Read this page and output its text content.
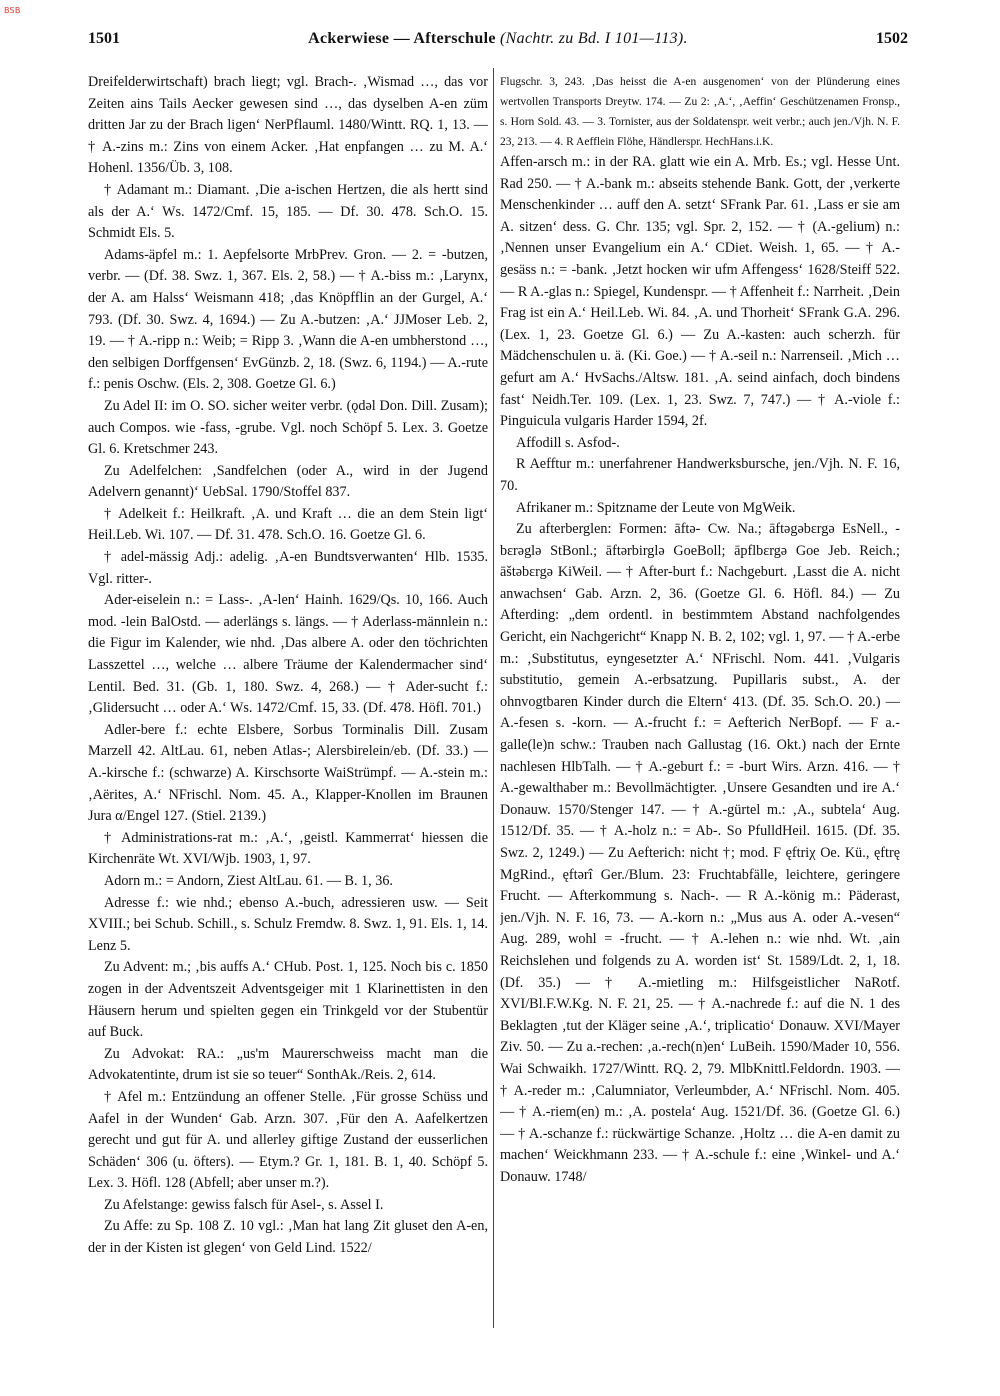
BSB
1501	Ackerwiese — Afterschule (Nachtr. zu Bd. I 101—113).	1502

Dreifelderwirtschaft) brach liegt; vgl. Brach-. ‚Wismad …, das vor Zeiten ains Tails Aecker gewesen sind …, das dyselben A-en züm dritten Jar zu der Brach ligen‘ NerPflauml. 1480/Wintt. RQ. 1, 13. — † A.-zins m.: Zins von einem Acker. ‚Hat enpfangen … zu M. A.‘ Hohenl. 1356/Üb. 3, 108.

† Adamant m.: Diamant. ‚Die a-ischen Hertzen, die als hertt sind als der A.‘ Ws. 1472/Cmf. 15, 185. — Df. 30. 478. Sch.O. 15. Schmidt Els. 5.

Adams-äpfel m.: 1. Aepfelsorte MrbPrev. Gron. — 2. = -butzen, verbr. — (Df. 38. Swz. 1, 367. Els. 2, 58.) — † A.-biss m.: ‚Larynx, der A. am Halss‘ Weismann 418; ‚das Knöpfflin an der Gurgel, A.‘ 793. (Df. 30. Swz. 4, 1694.) — Zu A.-butzen: ‚A.‘ JJMoser Leb. 2, 19. — † A.-ripp n.: Weib; = Ripp 3. ‚Wann die A-en umbherstond …, den selbigen Dorffgensen‘ EvGünzb. 2, 18. (Swz. 6, 1194.) — A.-rute f.: penis Oschw. (Els. 2, 308. Goetze Gl. 6.)

Zu Adel II: im O. SO. sicher weiter verbr. (ǫdəl Don. Dill. Zusam); auch Compos. wie -fass, -grube. Vgl. noch Schöpf 5. Lex. 3. Goetze Gl. 6. Kretschmer 243.

Zu Adelfelchen: ‚Sandfelchen (oder A., wird in der Jugend Adelvern genannt)‘ UebSal. 1790/Stoffel 837.

† Adelkeit f.: Heilkraft. ‚A. und Kraft … die an dem Stein ligt‘ Heil.Leb. Wi. 107. — Df. 31. 478. Sch.O. 16. Goetze Gl. 6.

† adel-mässig Adj.: adelig. ‚A-en Bundtsverwanten‘ Hlb. 1535. Vgl. ritter-.

Ader-eiselein n.: = Lass-. ‚A-len‘ Hainh. 1629/Qs. 10, 166. Auch mod. -lein BalOstd. — aderlängs s. längs. — † Aderlass-männlein n.: die Figur im Kalender, wie nhd. ‚Das albere A. oder den töchrichten Lasszettel …, welche … albere Träume der Kalendermacher sind‘ Lentil. Bed. 31. (Gb. 1, 180. Swz. 4, 268.) — † Ader-sucht f.: ‚Glidersucht … oder A.‘ Ws. 1472/Cmf. 15, 33. (Df. 478. Höfl. 701.)

Adler-bere f.: echte Elsbere, Sorbus Torminalis Dill. Zusam Marzell 42. AltLau. 61, neben Atlas-; Alersbirelein/eb. (Df. 33.) — A.-kirsche f.: (schwarze) A. Kirschsorte WaiStrümpf. — A.-stein m.: ‚Aërites, A.‘ NFrischl. Nom. 45. A., Klapper-Knollen im Braunen Jura α/Engel 127. (Stiel. 2139.)

† Administrations-rat m.: ‚A.‘, ‚geistl. Kammerrat‘ hiessen die Kirchenräte Wt. XVI/Wjb. 1903, 1, 97.

Adorn m.: = Andorn, Ziest AltLau. 61. — B. 1, 36.

Adresse f.: wie nhd.; ebenso A.-buch, adressieren usw. — Seit XVIII.; bei Schub. Schill., s. Schulz Fremdw. 8. Swz. 1, 91. Els. 1, 14. Lenz 5.

Zu Advent: m.; ‚bis auffs A.‘ CHub. Post. 1, 125. Noch bis c. 1850 zogen in der Adventszeit Adventsgeiger mit 1 Klarinettisten in den Häusern herum und spielten gegen ein Trinkgeld vor der Stubentür auf Buck.

Zu Advokat: RA.: „us'm Maurerschweiss macht man die Advokatentinte, drum ist sie so teuer“ SonthAk./Reis. 2, 614.

† Afel m.: Entzündung an offener Stelle. ‚Für grosse Schüss und Aafel in der Wunden‘ Gab. Arzn. 307. ‚Für den A. Aafelkertzen gerecht und gut für A. und allerley giftige Zustand der eusserlichen Schäden‘ 306 (u. öfters). — Etym.? Gr. 1, 181. B. 1, 40. Schöpf 5. Lex. 3. Höfl. 128 (Abfell; aber unser m.?).

Zu Afelstange: gewiss falsch für Asel-, s. Assel I.

Zu Affe: zu Sp. 108 Z. 10 vgl.: ‚Man hat lang Zit gluset den A-en, der in der Kisten ist glegen‘ von Geld Lind. 1522/

Flugschr. 3, 243. ‚Das heisst die A-en ausgenomen‘ von der Plünderung eines wertvollen Transports Dreytw. 174. — Zu 2: ‚A.‘, ‚Aeffin‘ Geschützenamen Fronsp., s. Horn Sold. 43. — 3. Tornister, aus der Soldatenspr. weit verbr.; auch jen./Vjh. N. F. 23, 213. — 4. R Aefflein Flöhe, Händlerspr. HechHans.i.K.

Affen-arsch m.: in der RA. glatt wie ein A. Mrb. Es.; vgl. Hesse Unt. Rad 250. — † A.-bank m.: abseits stehende Bank. Gott, der ‚verkerte Menschenkinder … auff den A. setzt‘ SFrank Par. 61. ‚Lass er sie am A. sitzen‘ dess. G. Chr. 135; vgl. Spr. 2, 152. — † (A.-gelium) n.: ‚Nennen unser Evangelium ein A.‘ CDiet. Weish. 1, 65. — † A.-gesäss n.: = -bank. ‚Jetzt hocken wir ufm Affengess‘ 1628/Steiff 522. — R A.-glas n.: Spiegel, Kundenspr. — † Affenheit f.: Narrheit. ‚Dein Frag ist ein A.‘ Heil.Leb. Wi. 84. ‚A. und Thorheit‘ SFrank G.A. 296. (Lex. 1, 23. Goetze Gl. 6.) — Zu A.-kasten: auch scherzh. für Mädchenschulen u. ä. (Ki. Goe.) — † A.-seil n.: Narrenseil. ‚Mich … gefurt am A.‘ HvSachs./Altsw. 181. ‚A. seind ainfach, doch bindens fast‘ Neidh.Ter. 109. (Lex. 1, 23. Swz. 7, 747.) — † A.-viole f.: Pinguicula vulgaris Harder 1594, 2f.

Affodill s. Asfod-.

R Aefftur m.: unerfahrener Handwerksbursche, jen./Vjh. N. F. 16, 70.

Afrikaner m.: Spitzname der Leute von MgWeik.

Zu afterberglen: Formen: āftə- Cw. Na.; āftəgəbɛrgə EsNell., -bɛrəglə StBonl.; āftərbirglə GoeBoll; āpflbɛrgə Goe Jeb. Reich.; āštəbɛrgə KiWeil. — † After-burt f.: Nachgeburt. ‚Lasst die A. nicht anwachsen‘ Gab. Arzn. 2, 36. (Goetze Gl. 6. Höfl. 84.) — Zu Afterding: „dem ordentl. in bestimmtem Abstand nachfolgendes Gericht, ein Nachgericht“ Knapp N. B. 2, 102; vgl. 1, 97. — † A.-erbe m.: ‚Substitutus, eyngesetzter A.‘ NFrischl. Nom. 441. ‚Vulgaris substitutio, gemein A.-erbsatzung. Pupillaris subst., A. der ohnvogtbaren Kinder durch die Eltern‘ 413. (Df. 35. Sch.O. 20.) — A.-fesen s. -korn. — A.-frucht f.: = Aefterich NerBopf. — F a.-galle(le)n schw.: Trauben nach Gallustag (16. Okt.) nach der Ernte nachlesen HlbTalh. — † A.-geburt f.: = -burt Wirs. Arzn. 416. — † A.-gewalthaber m.: Bevollmächtigter. ‚Unsere Gesandten und ire A.‘ Donauw. 1570/Stenger 147. — † A.-gürtel m.: ‚A., subtela‘ Aug. 1512/Df. 35. — † A.-holz n.: = Ab-. So PfulldHeil. 1615. (Df. 35. Swz. 2, 1249.) — Zu Aefterich: nicht †; mod. F ęftriχ Oe. Kü., ęftrę MgRind., ęftərî Ger./Blum. 23: Fruchtabfälle, leichtere, geringere Frucht. — Afterkommung s. Nach-. — R A.-könig m.: Päderast, jen./Vjh. N. F. 16, 73. — A.-korn n.: „Mus aus A. oder A.-vesen“ Aug. 289, wohl = -frucht. — † A.-lehen n.: wie nhd. Wt. ‚ain Reichslehen und folgends zu A. worden ist‘ St. 1589/Ldt. 2, 1, 18. (Df. 35.) — † A.-mietling m.: Hilfsgeistlicher NaRotf. XVI/Bl.F.W.Kg. N. F. 21, 25. — † A.-nachrede f.: auf die N. 1 des Beklagten ‚tut der Kläger seine ‚A.‘, triplicatio‘ Donauw. XVI/Mayer Ziv. 50. — Zu a.-rechen: ‚a.-rech(n)en‘ LuBeih. 1590/Mader 10, 556. Wai Schwaikh. 1727/Wintt. RQ. 2, 79. MlbKnittl.Feldordn. 1903. — † A.-reder m.: ‚Calumniator, Verleumbder, A.‘ NFrischl. Nom. 405. — † A.-riem(en) m.: ‚A. postela‘ Aug. 1521/Df. 36. (Goetze Gl. 6.) — † A.-schanze f.: rückwärtige Schanze. ‚Holtz … die A-en damit zu machen‘ Weickhmann 233. — † A.-schule f.: eine ‚Winkel- und A.‘ Donauw. 1748/
